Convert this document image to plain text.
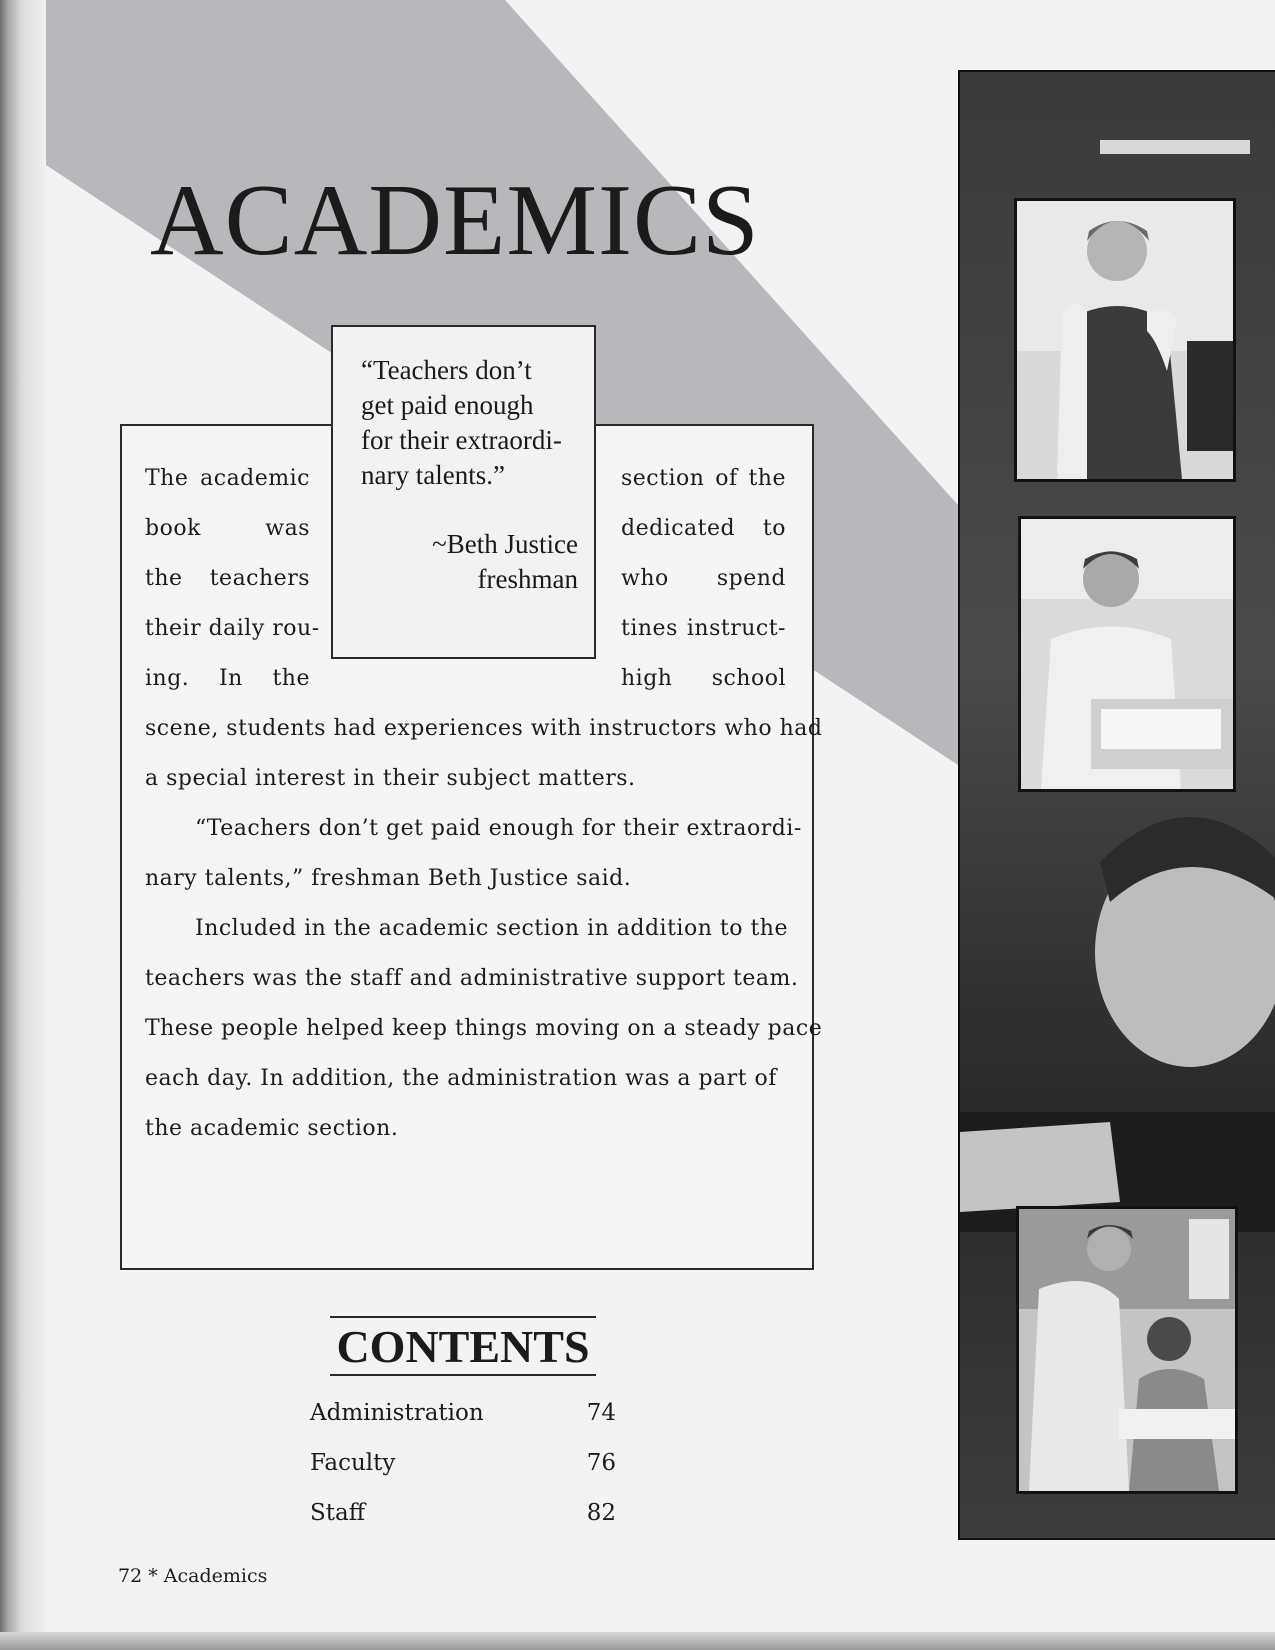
ACADEMICS
“Teachers don’t
get paid enough
for their extraordi-
nary talents.”
~Beth Justice
freshman

The academic

book	was

the teachers

their daily rou-

ing. In the

section of the

dedicated to

who spend

tines instruct-

high school

scene, students had experiences with instructors who had

a special interest in their subject matters.

“Teachers don’t get paid enough for their extraordi-

nary talents,” freshman Beth Justice said.

Included in the academic section in addition to the

teachers was the staff and administrative support team.

These people helped keep things moving on a steady pace

each day. In addition, the administration was a part of

the academic section.

CONTENTS
Administration	74
Faculty	76
Staff	82
72 * Academics
